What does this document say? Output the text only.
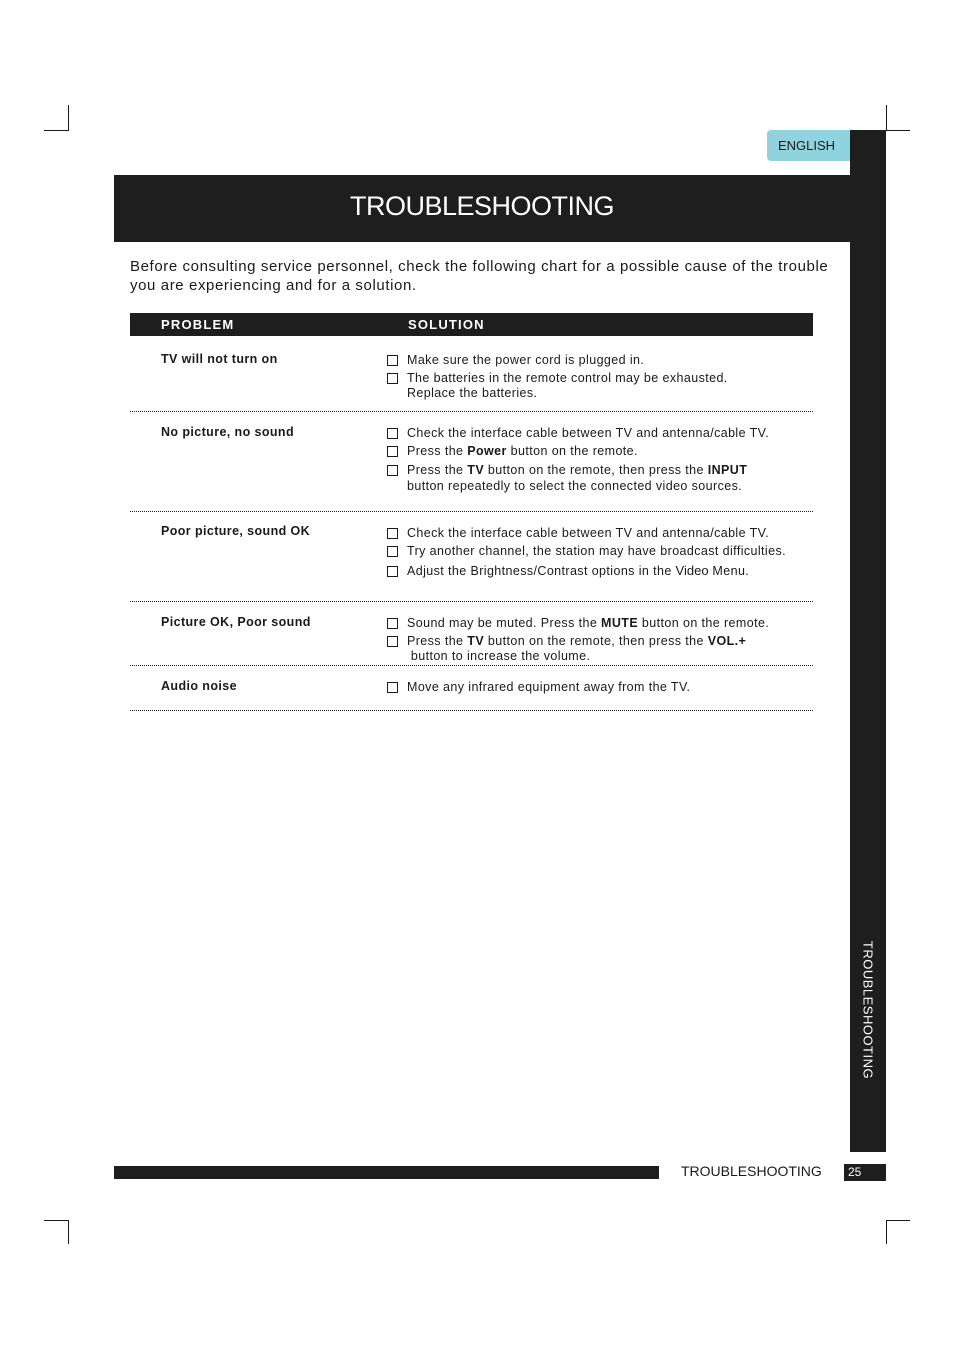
ENGLISH
TROUBLESHOOTING
TROUBLESHOOTING

Before consulting service personnel, check the following chart for a possible cause of the trouble you are experiencing and for a solution.

PROBLEM	SOLUTION
TV will not turn on	Make sure the power cord is plugged in.
The batteries in the remote control may be exhausted.
Replace the batteries.
No picture, no sound	Check the interface cable between TV and antenna/cable TV.
Press the Power button on the remote.
Press the TV button on the remote, then press the INPUT
button repeatedly to select the connected video sources.
Poor picture, sound OK	Check the interface cable between TV and antenna/cable TV.
Try another channel, the station may have broadcast difficulties.
Adjust the Brightness/Contrast options in the Video Menu.
Picture OK, Poor sound	Sound may be muted. Press the MUTE button on the remote.
Press the TV button on the remote, then press the VOL.+
button to increase the volume.
Audio noise	Move any infrared equipment away from the TV.
TROUBLESHOOTING	25
